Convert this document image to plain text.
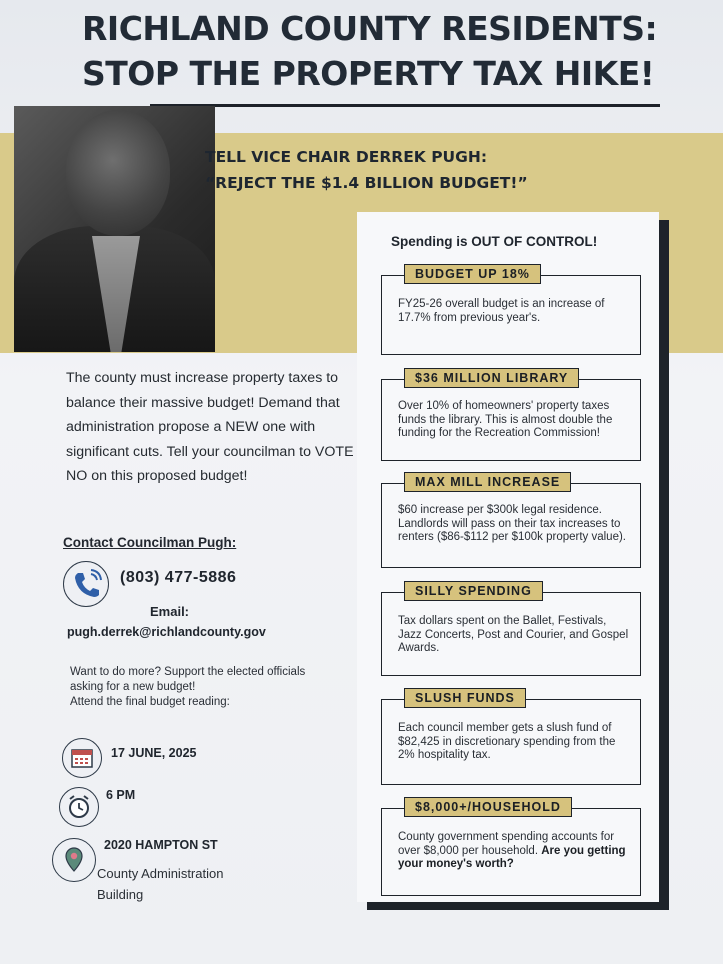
RICHLAND COUNTY RESIDENTS:
STOP THE PROPERTY TAX HIKE!
TELL VICE CHAIR DERREK PUGH:
“REJECT THE $1.4 BILLION BUDGET!”
Spending is OUT OF CONTROL!
BUDGET UP 18%
FY25-26 overall budget is an increase of 17.7% from previous year's.
$36 MILLION LIBRARY
Over 10% of homeowners' property taxes funds the library. This is almost double the funding for the Recreation Commission!
MAX MILL INCREASE
$60 increase per $300k legal residence. Landlords will pass on their tax increases to renters ($86-$112 per $100k property value).
SILLY SPENDING
Tax dollars spent on the Ballet, Festivals, Jazz Concerts, Post and Courier, and Gospel Awards.
SLUSH FUNDS
Each council member gets a slush fund of $82,425 in discretionary spending from the 2% hospitality tax.
$8,000+/HOUSEHOLD
County government spending accounts for over $8,000 per household. Are you getting your money's worth?
The county must increase property taxes to balance their massive budget! Demand that administration propose a NEW one with significant cuts. Tell your councilman to VOTE NO on this proposed budget!
Contact Councilman Pugh:
(803) 477-5886
Email:
pugh.derrek@richlandcounty.gov
Want to do more? Support the elected officials asking for a new budget!
Attend the final budget reading:
17 JUNE, 2025
6 PM
2020 HAMPTON ST
County Administration Building
